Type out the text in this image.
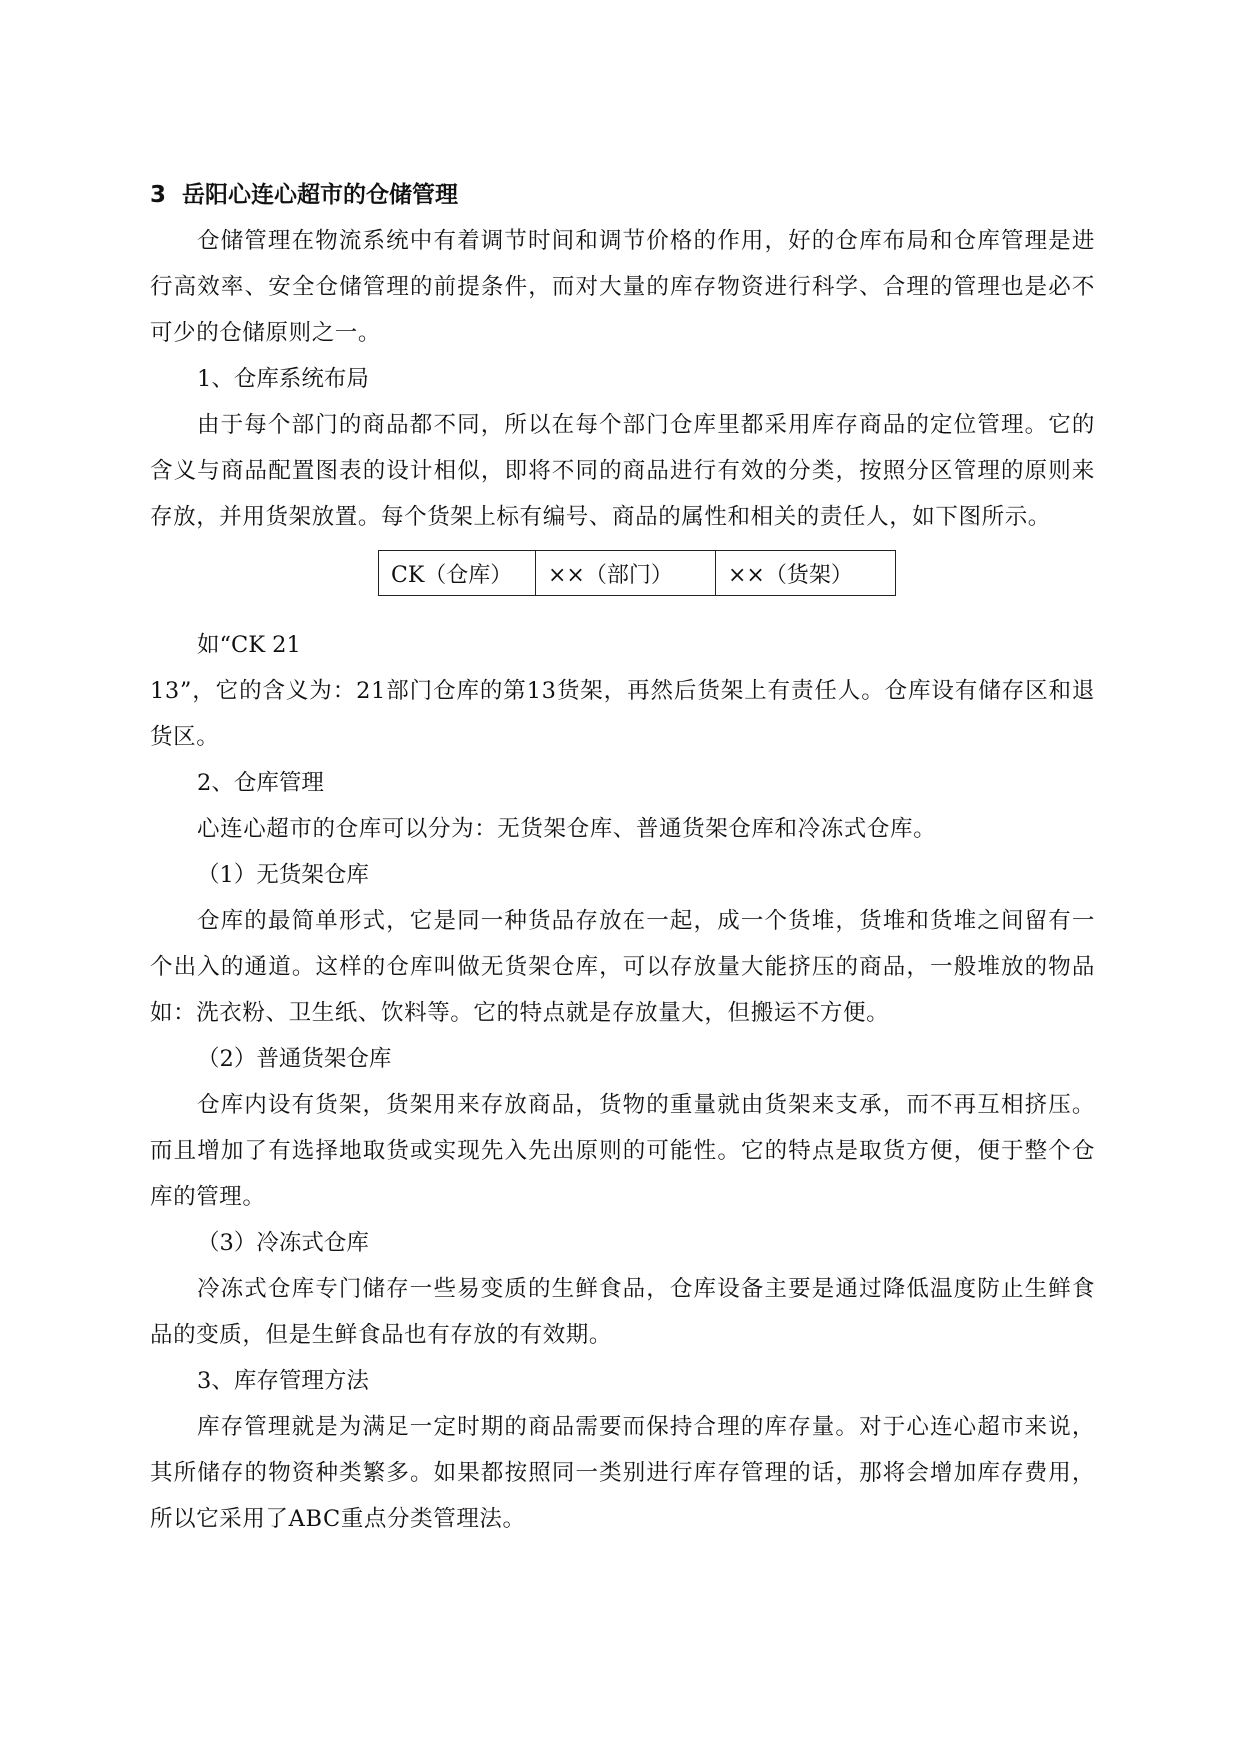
3 岳阳心连心超市的仓储管理

仓储管理在物流系统中有着调节时间和调节价格的作用，好的仓库布局和仓库管理是进行高效率、安全仓储管理的前提条件，而对大量的库存物资进行科学、合理的管理也是必不可少的仓储原则之一。

1、仓库系统布局

由于每个部门的商品都不同，所以在每个部门仓库里都采用库存商品的定位管理。它的含义与商品配置图表的设计相似，即将不同的商品进行有效的分类，按照分区管理的原则来存放，并用货架放置。每个货架上标有编号、商品的属性和相关的责任人，如下图所示。

CK（仓库）	××（部门）	××（货架）

如“CK 21

13”，它的含义为：21部门仓库的第13货架，再然后货架上有责任人。仓库设有储存区和退货区。

2、仓库管理

心连心超市的仓库可以分为：无货架仓库、普通货架仓库和冷冻式仓库。

（1）无货架仓库

仓库的最简单形式，它是同一种货品存放在一起，成一个货堆，货堆和货堆之间留有一个出入的通道。这样的仓库叫做无货架仓库，可以存放量大能挤压的商品，一般堆放的物品如：洗衣粉、卫生纸、饮料等。它的特点就是存放量大，但搬运不方便。

（2）普通货架仓库

仓库内设有货架，货架用来存放商品，货物的重量就由货架来支承，而不再互相挤压。而且增加了有选择地取货或实现先入先出原则的可能性。它的特点是取货方便，便于整个仓库的管理。

（3）冷冻式仓库

冷冻式仓库专门储存一些易变质的生鲜食品，仓库设备主要是通过降低温度防止生鲜食品的变质，但是生鲜食品也有存放的有效期。

3、库存管理方法

库存管理就是为满足一定时期的商品需要而保持合理的库存量。对于心连心超市来说，其所储存的物资种类繁多。如果都按照同一类别进行库存管理的话，那将会增加库存费用，所以它采用了ABC重点分类管理法。
